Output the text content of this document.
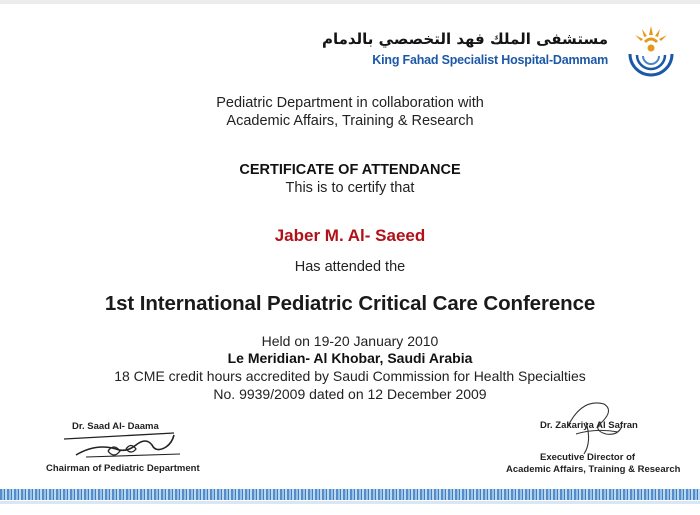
مستشفى الملك فهد التخصصي بالدمام
King Fahad Specialist Hospital-Dammam
Pediatric Department in collaboration with
Academic Affairs, Training & Research
CERTIFICATE OF ATTENDANCE
This is to certify that
Jaber M. Al- Saeed
Has attended the
1st International Pediatric Critical Care Conference
Held on 19-20 January 2010
Le Meridian- Al Khobar, Saudi Arabia
18 CME credit hours accredited by Saudi Commission for Health Specialties
No. 9939/2009 dated on 12 December 2009
Dr. Saad Al- Daama
Chairman of Pediatric Department
Dr. Zakariya Al Safran
Executive Director of
Academic Affairs, Training & Research
